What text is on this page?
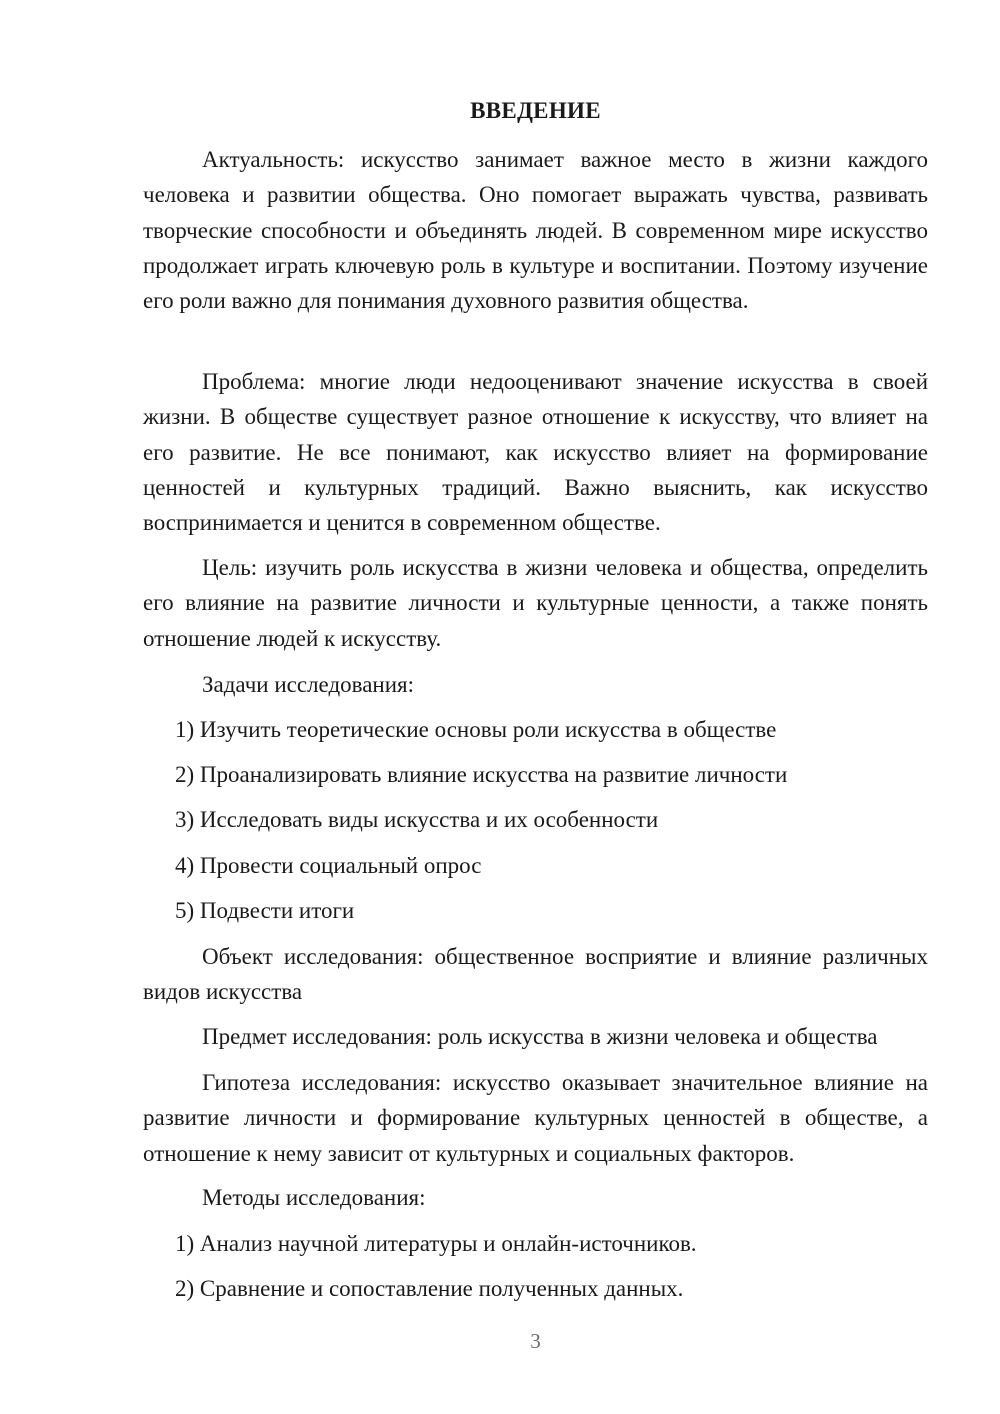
ВВЕДЕНИЕ

Актуальность: искусство занимает важное место в жизни каждого человека и развитии общества. Оно помогает выражать чувства, развивать творческие способности и объединять людей. В современном мире искусство продолжает играть ключевую роль в культуре и воспитании. Поэтому изучение его роли важно для понимания духовного развития общества.

Проблема: многие люди недооценивают значение искусства в своей жизни. В обществе существует разное отношение к искусству, что влияет на его развитие. Не все понимают, как искусство влияет на формирование ценностей и культурных традиций. Важно выяснить, как искусство воспринимается и ценится в современном обществе.

Цель: изучить роль искусства в жизни человека и общества, определить его влияние на развитие личности и культурные ценности, а также понять отношение людей к искусству.

Задачи исследования:
1) Изучить теоретические основы роли искусства в обществе
2) Проанализировать влияние искусства на развитие личности
3) Исследовать виды искусства и их особенности
4) Провести социальный опрос
5) Подвести итоги

Объект исследования: общественное восприятие и влияние различных видов искусства

Предмет исследования: роль искусства в жизни человека и общества

Гипотеза исследования: искусство оказывает значительное влияние на развитие личности и формирование культурных ценностей в обществе, а отношение к нему зависит от культурных и социальных факторов.

Методы исследования:
1) Анализ научной литературы и онлайн-источников.
2) Сравнение и сопоставление полученных данных.
3
